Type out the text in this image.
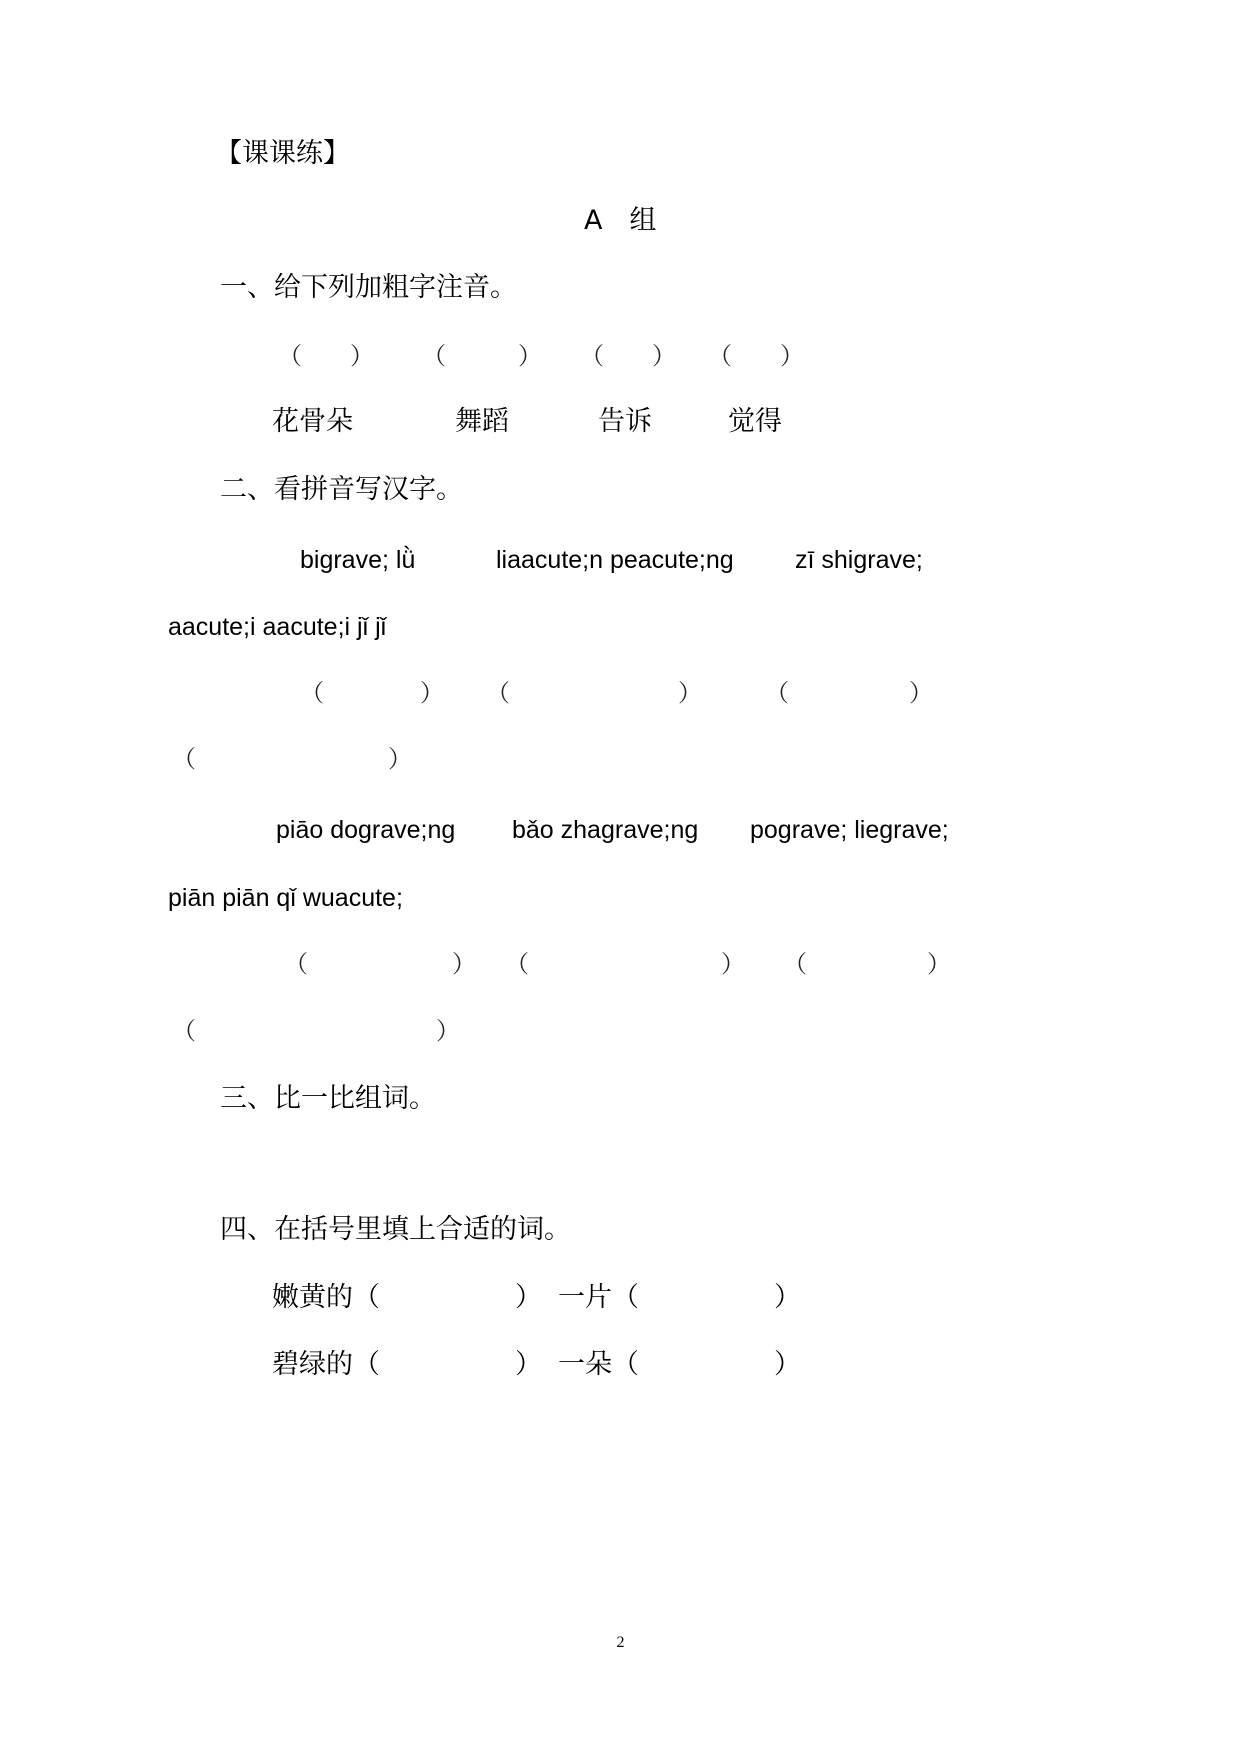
【课课练】
A　组
一、给下列加粗字注音。
（　　） （　　　） （　　） （　　）
花骨朵	舞蹈	告诉	觉得
二、看拼音写汉字。
bigrave; lǜ	liaacute;n peacute;ng zī shigrave;
aacute;i aacute;i jǐ jǐ
（　　　　） （　　　　　　　）	（　　　　　）
（　　　　　　　　）
piāo dograve;ng bǎo zhagrave;ng pograve; liegrave;
piān piān qǐ wuacute;
（　　　　　　） （　　　　　　　　） （　　　　　）
（　　　　　　　　　　）
三、比一比组词。
四、在括号里填上合适的词。
嫩黄的（　　　　　） 一片（　　　　　）
碧绿的（　　　　　） 一朵（　　　　　）
2
